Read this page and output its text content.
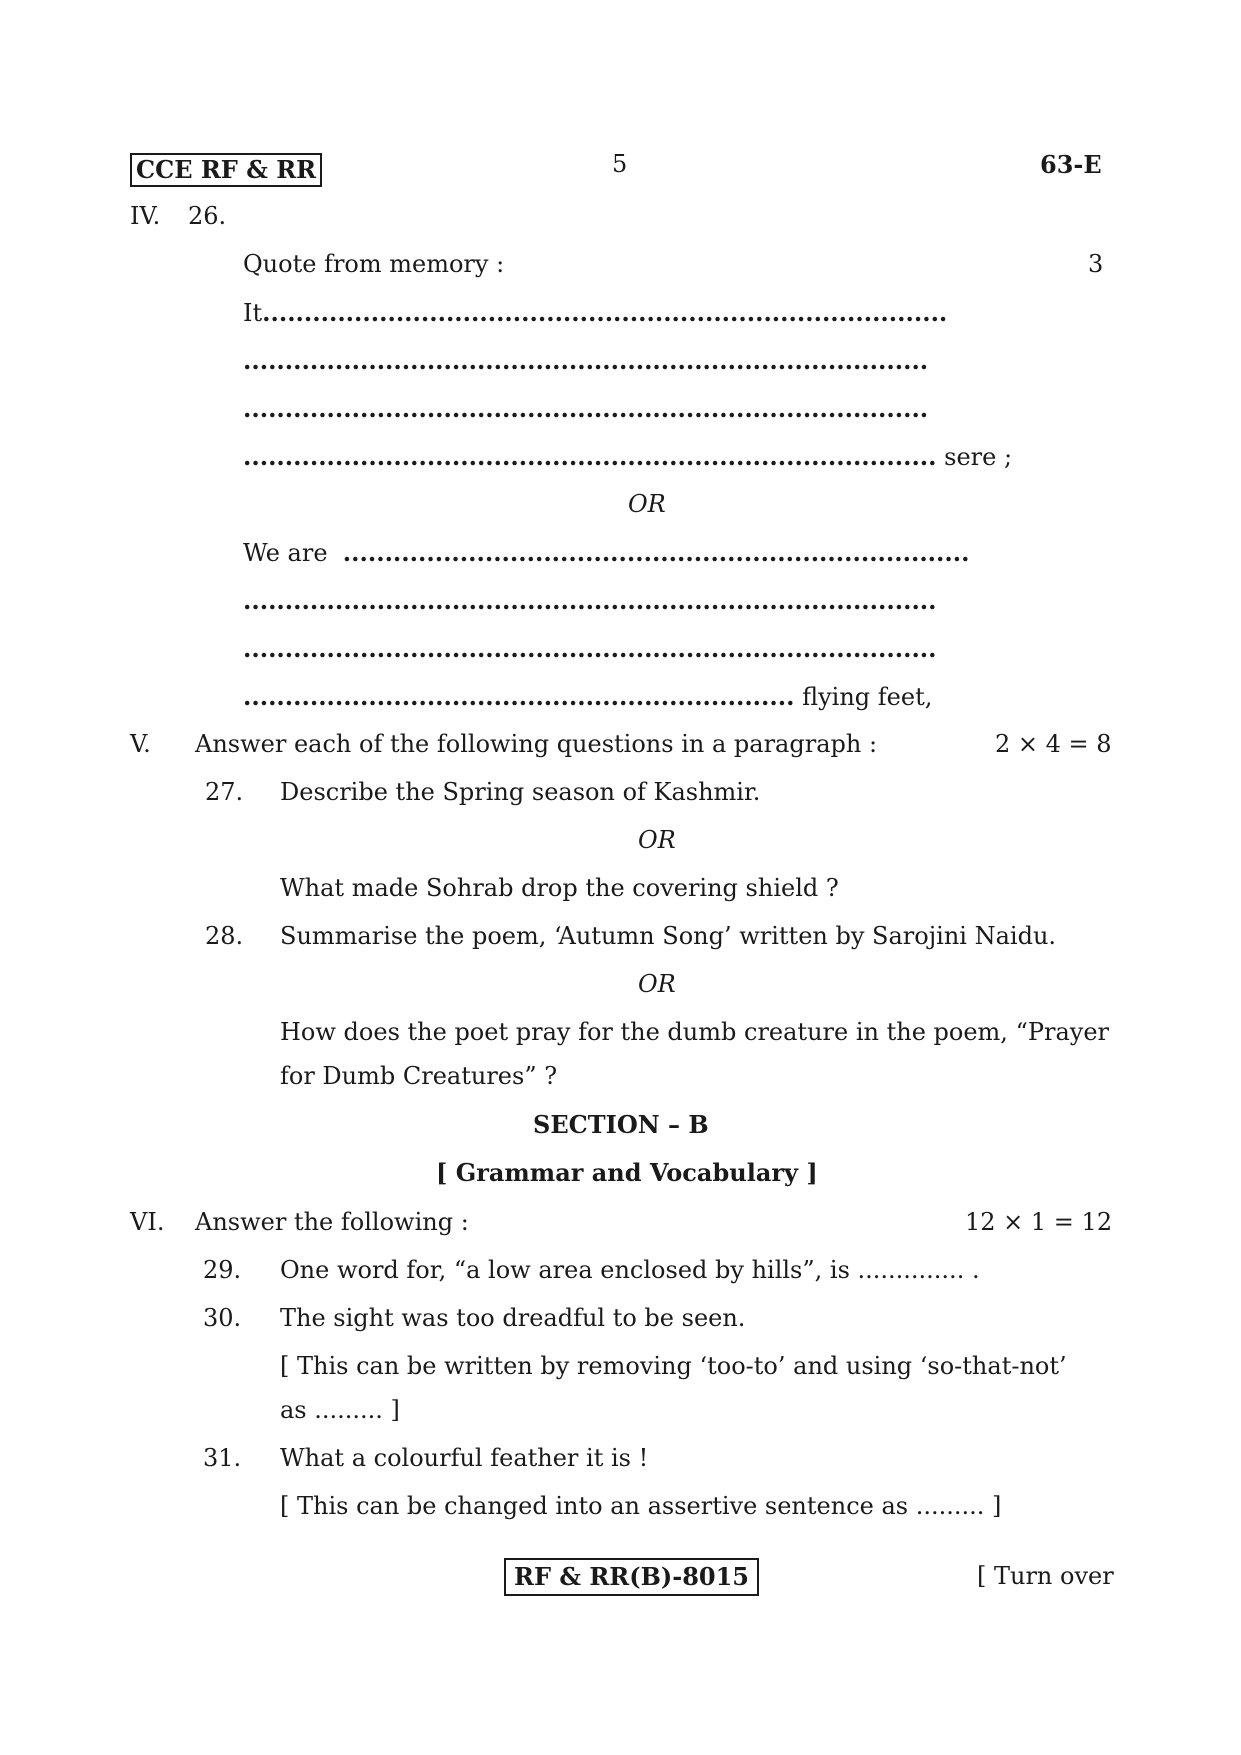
CCE RF & RR	5	63-E
IV. 26.
Quote from memory :	3
It..................................................................................
..................................................................................
..................................................................................
................................................................................... sere ;
OR
We are ...........................................................................
...................................................................................
...................................................................................
.................................................................. flying feet,
V. Answer each of the following questions in a paragraph :	2 × 4 = 8
27. Describe the Spring season of Kashmir.
OR
What made Sohrab drop the covering shield ?
28. Summarise the poem, ‘Autumn Song’ written by Sarojini Naidu.
OR
How does the poet pray for the dumb creature in the poem, “Prayer
for Dumb Creatures” ?
SECTION – B
[ Grammar and Vocabulary ]
VI. Answer the following :	12 × 1 = 12
29. One word for, “a low area enclosed by hills”, is .............. .
30. The sight was too dreadful to be seen.
[ This can be written by removing ‘too-to’ and using ‘so-that-not’
as ......... ]
31. What a colourful feather it is !
[ This can be changed into an assertive sentence as ......... ]
RF & RR(B)-8015	[ Turn over
